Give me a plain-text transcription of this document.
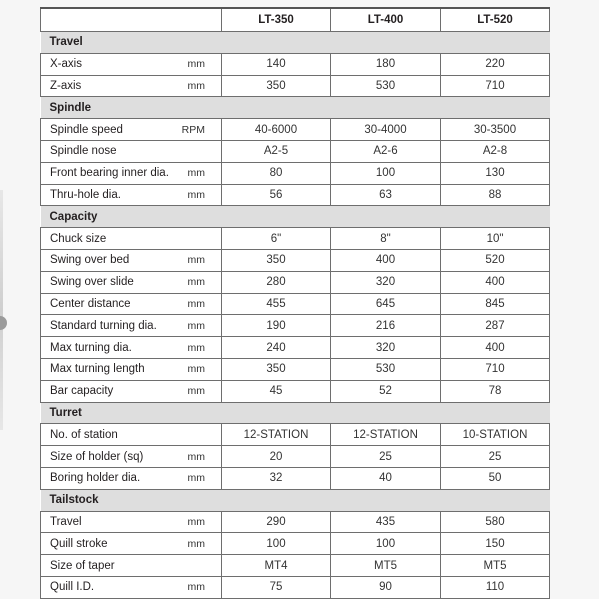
	LT-350	LT-400	LT-520
Travel			

X-axis mm	140	180	220

Z-axis mm	350	530	710
Spindle			

Spindle speed RPM	40-6000	30-4000	30-3500

Spindle nose	A2-5	A2-6	A2-8

Front bearing inner dia. mm	80	100	130

Thru-hole dia. mm	56	63	88
Capacity			

Chuck size	6"	8"	10"

Swing over bed mm	350	400	520

Swing over slide mm	280	320	400

Center distance mm	455	645	845

Standard turning dia. mm	190	216	287

Max turning dia. mm	240	320	400

Max turning length mm	350	530	710

Bar capacity mm	45	52	78
Turret			

No. of station	12-STATION	12-STATION	10-STATION

Size of holder (sq) mm	20	25	25

Boring holder dia. mm	32	40	50
Tailstock			

Travel mm	290	435	580

Quill stroke mm	100	100	150

Size of taper	MT4	MT5	MT5

Quill I.D. mm	75	90	110
